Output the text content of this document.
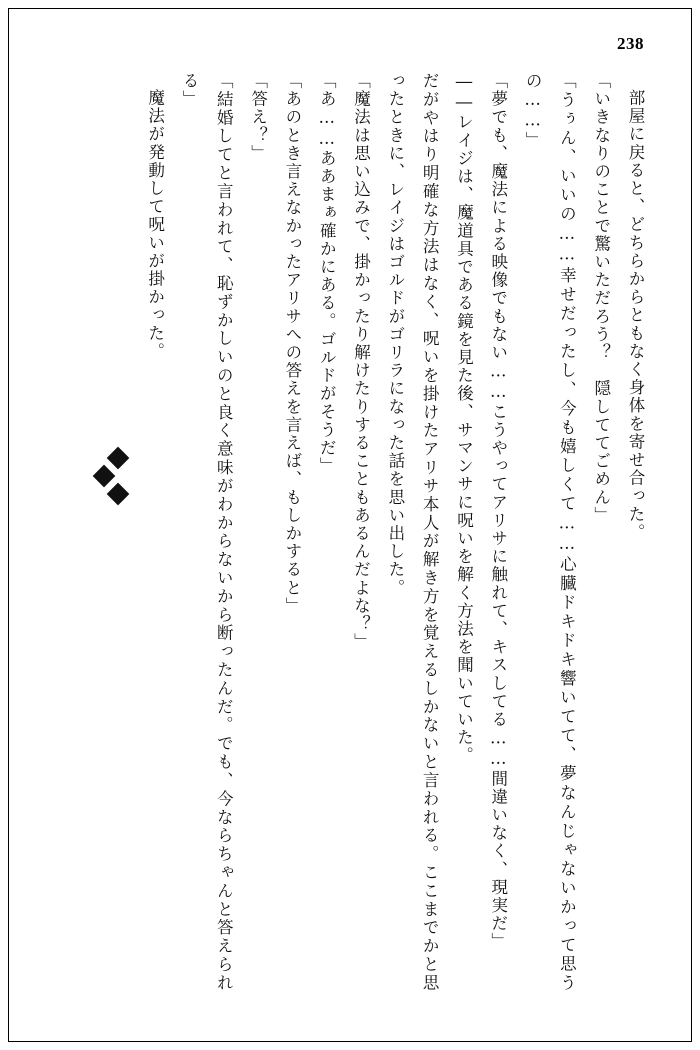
238

部屋に戻ると、どちらからともなく身体を寄せ合った。

「いきなりのことで驚いただろう？　隠しててごめん」

「うぅん、いいの……幸せだったし、今も嬉しくて……心臓ドキドキ響いてて、夢なんじゃないかって思うの……」

「夢でも、魔法による映像でもない……こうやってアリサに触れて、キスしてる……間違いなく、現実だ」

――レイジは、魔道具である鏡を見た後、サマンサに呪いを解く方法を聞いていた。

だがやはり明確な方法はなく、呪いを掛けたアリサ本人が解き方を覚えるしかないと言われる。ここまでかと思ったときに、レイジはゴルドがゴリラになった話を思い出した。

「魔法は思い込みで、掛かったり解けたりすることもあるんだよな？」

「あ……ああまぁ確かにある。ゴルドがそうだ」

「あのとき言えなかったアリサへの答えを言えば、もしかすると」

「答え？」

「結婚してと言われて、恥ずかしいのと良く意味がわからないから断ったんだ。でも、今ならちゃんと答えられる」

魔法が発動して呪いが掛かった。
